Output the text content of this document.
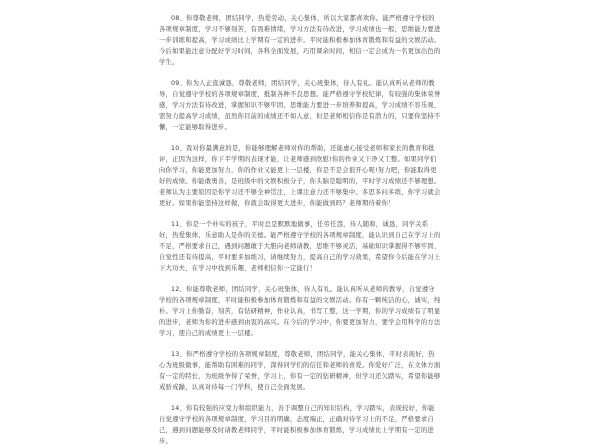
08、你尊敬老师，团结同学，热爱劳动，关心集体，所以大家都喜欢你。能严格遵守学校的各项规章制度，学习不够刻苦，有畏难情绪，学习方法有待改进，学习成绩也一般，思维能力要进一步训练和提高，学习成绩比上学期有一定的进步。平时能积极参加体育锻炼和有益的文娱活动。今后如果能注意分配好学习时间，各科全面发展，巧用课余时间，相信一定会成为一名更加出色的学生。

09、你为人正直诚恳，尊敬老师，团结同学，关心班集体，待人有礼。能认真听从老师的教导，自觉遵守学校的各项规章制度，抵制各种不良思想。能严格遵守学校纪律，有较强的集体荣誉感，学习方法有待改进，掌握知识不够牢固，思维能力要进一步培养和提高，学习成绩不容乐观，需努力提高学习成绩，虽然你目前的成绩还不如人意，但是老师相信你是有潜力的，只要你坚持不懈，一定能够取得进步。

10、我对你最满意的是，你能够理解老师对你的帮助，还能虚心接受老师和家长的教育和批评，正因为这样，你下半学期的表现才能，让老师感到欣慰!你的作业又干净又工整。如果同学们向你学习，你能更加努力，你的作业又能更上一层楼，你是不是会很开心呢!努力吧，你能取得更好的成绩。你能敢勇善，是班级中的文娱积极分子，你头脑是聪明的，平时学习成绩还不够理想。老师认为主要原因是你学习还不够全神贯注，上课注意力还不够集中。多思多问多练，你学习就会更好。如果你能坚持这样做，你就会取得更大进步，你能做到吗？老师期待着你！

11、你是一个朴实的孩子，平时总是默默地做事，任劳任怨，待人随和，诚恳，同学关系好，热爱集体，乐意助人是你的美德。能严格遵守学校的各项规章制度，能认识到自己在学习上的不足，严格要求自己，遇到问题敢于大胆向老师请教，思维不够灵活，基础知识掌握得不够牢固，自觉性还有待提高，平时要多加练习，请继续努力，提高自己的学习效果，希望你今后能在学习上下大功夫，在学习中找到乐趣，老师相信你一定能行！

12、你能尊敬老师，团结同学，关心班集体，待人有礼。能认真听从老师的教导，自觉遵守学校的各项规章制度，平时能积极参加体育锻炼和有益的文娱活动。你有一颗纯洁的心，诚实，纯朴。学习上你勤奋，刻苦，有钻研精神，作业认真，书写工整，这一学期，你的学习成绩有了明显的进步，老师为你的进步感到由衷的高兴。在今后的学习中，你要更加努力，要学会用科学的方法学习，使自己的成绩更上一层楼。

13、你严格遵守学校的各项规章制度，尊敬老师，团结同学，能关心集体，平时表现好，热心为班级做事，能帮助有困难的同学，深得同学们的信任和老师的喜爱。你爱好广泛，在文体方面有一定的特长，为班级争得了荣誉，学习上，你有一定的钻研精神，但学习还欠踏实，希望你能够戒骄戒躁，认真对待每一门学科，使自己全面发展。

14、你有较强的应变力和组织能力，善于调整自己的知识结构，学习踏实，表现较好，你能自觉遵守学校的各项规章制度，学习目的明确，态度端正，正确对待学习上的不足，严格要求自己，遇到问题能够及时请教老师同学，平时能积极参加体育锻炼，学习成绩比上学期有一定的进步。
